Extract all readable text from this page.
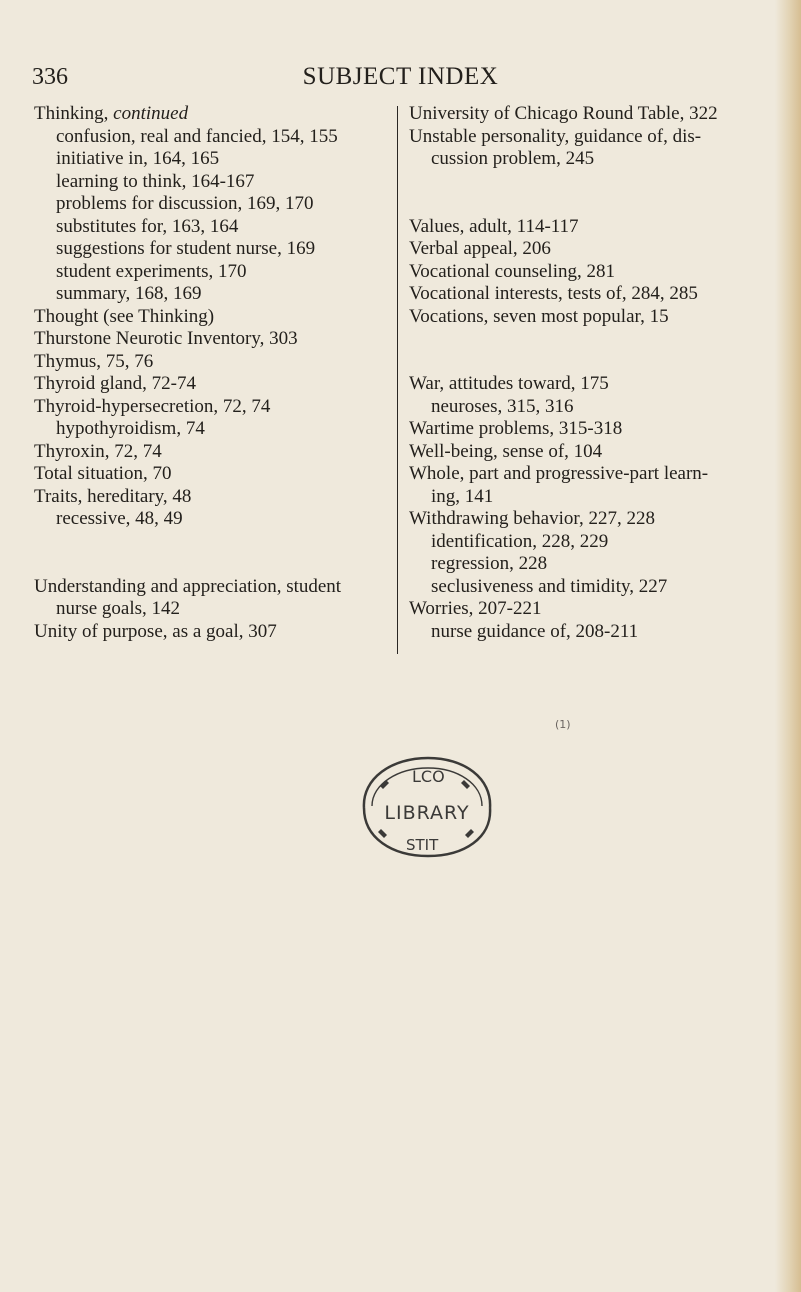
336	SUBJECT INDEX
Thinking, continued
confusion, real and fancied, 154, 155
initiative in, 164, 165
learning to think, 164-167
problems for discussion, 169, 170
substitutes for, 163, 164
suggestions for student nurse, 169
student experiments, 170
summary, 168, 169
Thought (see Thinking)
Thurstone Neurotic Inventory, 303
Thymus, 75, 76
Thyroid gland, 72-74
Thyroid-hypersecretion, 72, 74
hypothyroidism, 74
Thyroxin, 72, 74
Total situation, 70
Traits, hereditary, 48
recessive, 48, 49
Understanding and appreciation, student
nurse goals, 142
Unity of purpose, as a goal, 307
University of Chicago Round Table, 322
Unstable personality, guidance of, dis-
cussion problem, 245
Values, adult, 114-117
Verbal appeal, 206
Vocational counseling, 281
Vocational interests, tests of, 284, 285
Vocations, seven most popular, 15
War, attitudes toward, 175
neuroses, 315, 316
Wartime problems, 315-318
Well-being, sense of, 104
Whole, part and progressive-part learn-
ing, 141
Withdrawing behavior, 227, 228
identification, 228, 229
regression, 228
seclusiveness and timidity, 227
Worries, 207-221
nurse guidance of, 208-211
(1)
LCO
STIT
LIBRARY
